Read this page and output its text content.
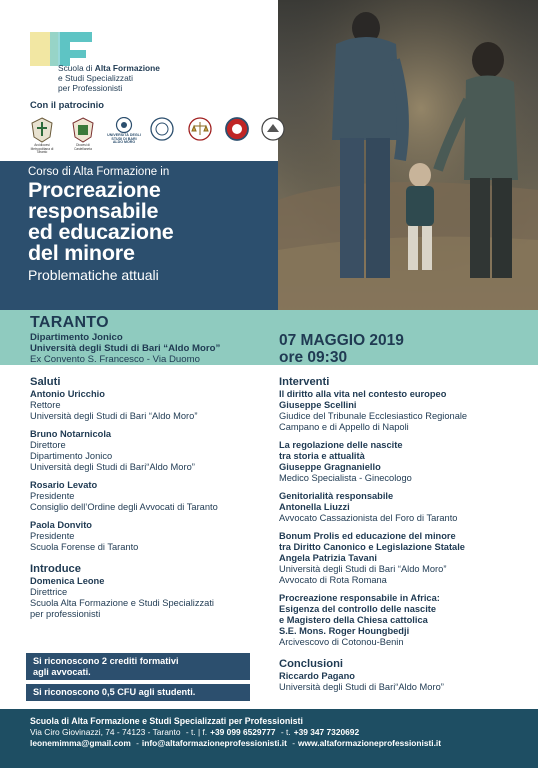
Scuola di Alta Formazione
e Studi Specializzati
per Professionisti
Con il patrocinio
Arcidiocesi Metropolitana di Taranto
Diocesi di Castellaneta
UNIVERSITÀ DEGLI STUDI DI BARI ALDO MORO
Corso di Alta Formazione in
Procreazione
responsabile
ed educazione
del minore
Problematiche attuali
TARANTO
Dipartimento Jonico
Università degli Studi di Bari “Aldo Moro”
Ex Convento S. Francesco - Via Duomo
07 MAGGIO 2019
ore 09:30
Saluti
Antonio Uricchio
Rettore
Università degli Studi di Bari “Aldo Moro”
Bruno Notarnicola
Direttore
Dipartimento Jonico
Università degli Studi di Bari“Aldo Moro”
Rosario Levato
Presidente
Consiglio dell’Ordine degli Avvocati di Taranto
Paola Donvito
Presidente
Scuola Forense di Taranto
Introduce
Domenica Leone
Direttrice
Scuola Alta Formazione e Studi Specializzati
per professionisti
Si riconoscono 2 crediti formativi
agli avvocati.
Si riconoscono 0,5 CFU agli studenti.
Interventi
Il diritto alla vita nel contesto europeo
Giuseppe Scellini
Giudice del Tribunale Ecclesiastico Regionale
Campano e di Appello di Napoli
La regolazione delle nascite
tra storia e attualità
Giuseppe Gragnaniello
Medico Specialista - Ginecologo
Genitorialità responsabile
Antonella Liuzzi
Avvocato Cassazionista del Foro di Taranto
Bonum Prolis ed educazione del minore
tra Diritto Canonico e Legislazione Statale
Angela Patrizia Tavani
Università degli Studi di Bari “Aldo Moro”
Avvocato di Rota Romana
Procreazione responsabile in Africa:
Esigenza del controllo delle nascite
e Magistero della Chiesa cattolica
S.E. Mons. Roger Houngbedji
Arcivescovo di Cotonou-Benin
Conclusioni
Riccardo Pagano
Università degli Studi di Bari“Aldo Moro”
Scuola di Alta Formazione e Studi Specializzati per Professionisti
Via Ciro Giovinazzi, 74 - 74123 - Taranto - t. | f. +39 099 6529777 - t. +39 347 7320692
leonemimma@gmail.com - info@altaformazioneprofessionisti.it - www.altaformazioneprofessionisti.it
